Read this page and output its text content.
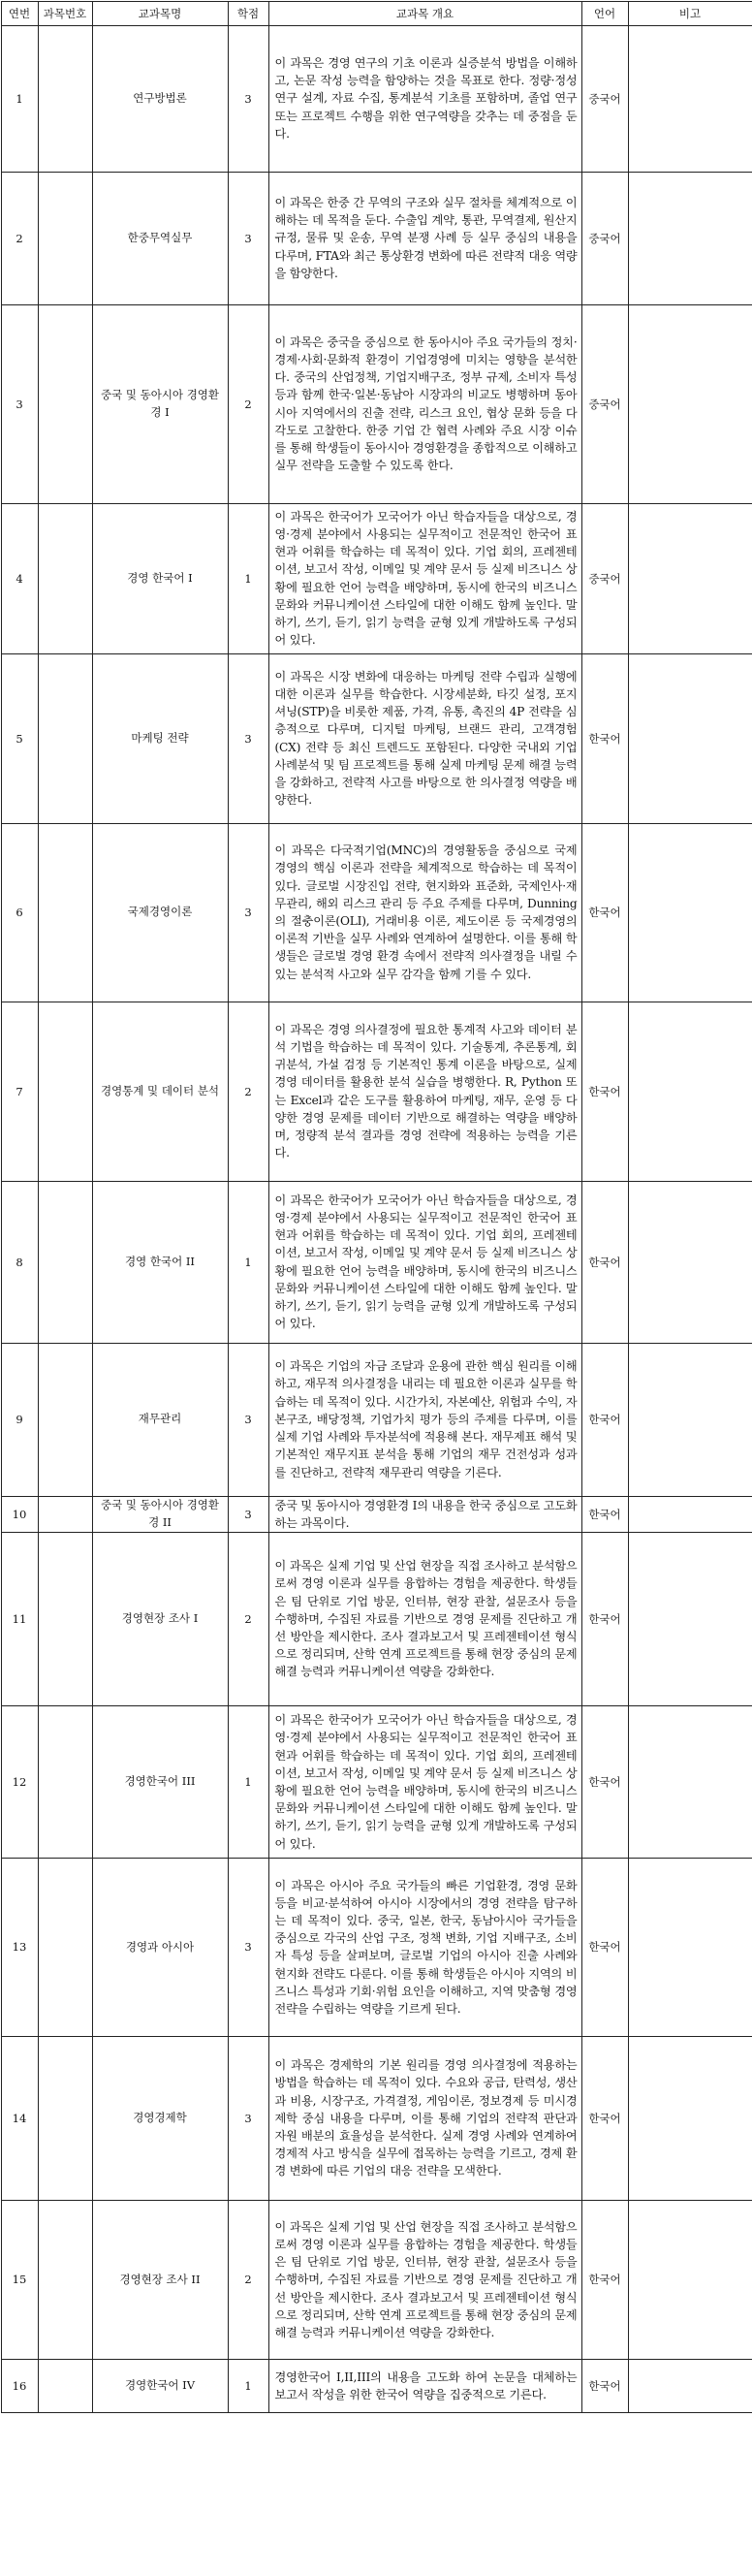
연번	과목번호	교과목명	학점	교과목 개요	언어	비고
1		연구방법론	3	이 과목은 경영 연구의 기초 이론과 실증분석 방법을 이해하고, 논문 작성 능력을 함양하는 것을 목표로 한다. 정량·정성 연구 설계, 자료 수집, 통계분석 기초를 포함하며, 졸업 연구 또는 프로젝트 수행을 위한 연구역량을 갖추는 데 중점을 둔다.	중국어	
2		한중무역실무	3	이 과목은 한중 간 무역의 구조와 실무 절차를 체계적으로 이해하는 데 목적을 둔다. 수출입 계약, 통관, 무역결제, 원산지 규정, 물류 및 운송, 무역 분쟁 사례 등 실무 중심의 내용을 다루며, FTA와 최근 통상환경 변화에 따른 전략적 대응 역량을 함양한다.	중국어	
3		중국 및 동아시아 경영환경 I	2	이 과목은 중국을 중심으로 한 동아시아 주요 국가들의 정치·경제·사회·문화적 환경이 기업경영에 미치는 영향을 분석한다. 중국의 산업정책, 기업지배구조, 정부 규제, 소비자 특성 등과 함께 한국·일본·동남아 시장과의 비교도 병행하며 동아시아 지역에서의 진출 전략, 리스크 요인, 협상 문화 등을 다각도로 고찰한다. 한중 기업 간 협력 사례와 주요 시장 이슈를 통해 학생들이 동아시아 경영환경을 종합적으로 이해하고 실무 전략을 도출할 수 있도록 한다.	중국어	
4		경영 한국어 I	1	이 과목은 한국어가 모국어가 아닌 학습자들을 대상으로, 경영·경제 분야에서 사용되는 실무적이고 전문적인 한국어 표현과 어휘를 학습하는 데 목적이 있다. 기업 회의, 프레젠테이션, 보고서 작성, 이메일 및 계약 문서 등 실제 비즈니스 상황에 필요한 언어 능력을 배양하며, 동시에 한국의 비즈니스 문화와 커뮤니케이션 스타일에 대한 이해도 함께 높인다. 말하기, 쓰기, 듣기, 읽기 능력을 균형 있게 개발하도록 구성되어 있다.	중국어	
5		마케팅 전략	3	이 과목은 시장 변화에 대응하는 마케팅 전략 수립과 실행에 대한 이론과 실무를 학습한다. 시장세분화, 타깃 설정, 포지셔닝(STP)을 비롯한 제품, 가격, 유통, 촉진의 4P 전략을 심층적으로 다루며, 디지털 마케팅, 브랜드 관리, 고객경험(CX) 전략 등 최신 트렌드도 포함된다. 다양한 국내외 기업 사례분석 및 팀 프로젝트를 통해 실제 마케팅 문제 해결 능력을 강화하고, 전략적 사고를 바탕으로 한 의사결정 역량을 배양한다.	한국어	
6		국제경영이론	3	이 과목은 다국적기업(MNC)의 경영활동을 중심으로 국제경영의 핵심 이론과 전략을 체계적으로 학습하는 데 목적이 있다. 글로벌 시장진입 전략, 현지화와 표준화, 국제인사·재무관리, 해외 리스크 관리 등 주요 주제를 다루며, Dunning의 절충이론(OLI), 거래비용 이론, 제도이론 등 국제경영의 이론적 기반을 실무 사례와 연계하여 설명한다. 이를 통해 학생들은 글로벌 경영 환경 속에서 전략적 의사결정을 내릴 수 있는 분석적 사고와 실무 감각을 함께 기를 수 있다.	한국어	
7		경영통계 및 데이터 분석	2	이 과목은 경영 의사결정에 필요한 통계적 사고와 데이터 분석 기법을 학습하는 데 목적이 있다. 기술통계, 추론통계, 회귀분석, 가설 검정 등 기본적인 통계 이론을 바탕으로, 실제 경영 데이터를 활용한 분석 실습을 병행한다. R, Python 또는 Excel과 같은 도구를 활용하여 마케팅, 재무, 운영 등 다양한 경영 문제를 데이터 기반으로 해결하는 역량을 배양하며, 정량적 분석 결과를 경영 전략에 적용하는 능력을 기른다.	한국어	
8		경영 한국어 II	1	이 과목은 한국어가 모국어가 아닌 학습자들을 대상으로, 경영·경제 분야에서 사용되는 실무적이고 전문적인 한국어 표현과 어휘를 학습하는 데 목적이 있다. 기업 회의, 프레젠테이션, 보고서 작성, 이메일 및 계약 문서 등 실제 비즈니스 상황에 필요한 언어 능력을 배양하며, 동시에 한국의 비즈니스 문화와 커뮤니케이션 스타일에 대한 이해도 함께 높인다. 말하기, 쓰기, 듣기, 읽기 능력을 균형 있게 개발하도록 구성되어 있다.	한국어	
9		재무관리	3	이 과목은 기업의 자금 조달과 운용에 관한 핵심 원리를 이해하고, 재무적 의사결정을 내리는 데 필요한 이론과 실무를 학습하는 데 목적이 있다. 시간가치, 자본예산, 위험과 수익, 자본구조, 배당정책, 기업가치 평가 등의 주제를 다루며, 이를 실제 기업 사례와 투자분석에 적용해 본다. 재무제표 해석 및 기본적인 재무지표 분석을 통해 기업의 재무 건전성과 성과를 진단하고, 전략적 재무관리 역량을 기른다.	한국어	
10		중국 및 동아시아 경영환경 II	3	중국 및 동아시아 경영환경 I의 내용을 한국 중심으로 고도화하는 과목이다.	한국어	
11		경영현장 조사 I	2	이 과목은 실제 기업 및 산업 현장을 직접 조사하고 분석함으로써 경영 이론과 실무를 융합하는 경험을 제공한다. 학생들은 팀 단위로 기업 방문, 인터뷰, 현장 관찰, 설문조사 등을 수행하며, 수집된 자료를 기반으로 경영 문제를 진단하고 개선 방안을 제시한다. 조사 결과보고서 및 프레젠테이션 형식으로 정리되며, 산학 연계 프로젝트를 통해 현장 중심의 문제 해결 능력과 커뮤니케이션 역량을 강화한다.	한국어	
12		경영한국어 III	1	이 과목은 한국어가 모국어가 아닌 학습자들을 대상으로, 경영·경제 분야에서 사용되는 실무적이고 전문적인 한국어 표현과 어휘를 학습하는 데 목적이 있다. 기업 회의, 프레젠테이션, 보고서 작성, 이메일 및 계약 문서 등 실제 비즈니스 상황에 필요한 언어 능력을 배양하며, 동시에 한국의 비즈니스 문화와 커뮤니케이션 스타일에 대한 이해도 함께 높인다. 말하기, 쓰기, 듣기, 읽기 능력을 균형 있게 개발하도록 구성되어 있다.	한국어	
13		경영과 아시아	3	이 과목은 아시아 주요 국가들의 빠른 기업환경, 경영 문화 등을 비교·분석하여 아시아 시장에서의 경영 전략을 탐구하는 데 목적이 있다. 중국, 일본, 한국, 동남아시아 국가들을 중심으로 각국의 산업 구조, 정책 변화, 기업 지배구조, 소비자 특성 등을 살펴보며, 글로벌 기업의 아시아 진출 사례와 현지화 전략도 다룬다. 이를 통해 학생들은 아시아 지역의 비즈니스 특성과 기회·위험 요인을 이해하고, 지역 맞춤형 경영 전략을 수립하는 역량을 기르게 된다.	한국어	
14		경영경제학	3	이 과목은 경제학의 기본 원리를 경영 의사결정에 적용하는 방법을 학습하는 데 목적이 있다. 수요와 공급, 탄력성, 생산과 비용, 시장구조, 가격결정, 게임이론, 정보경제 등 미시경제학 중심 내용을 다루며, 이를 통해 기업의 전략적 판단과 자원 배분의 효율성을 분석한다. 실제 경영 사례와 연계하여 경제적 사고 방식을 실무에 접목하는 능력을 기르고, 경제 환경 변화에 따른 기업의 대응 전략을 모색한다.	한국어	
15		경영현장 조사 II	2	이 과목은 실제 기업 및 산업 현장을 직접 조사하고 분석함으로써 경영 이론과 실무를 융합하는 경험을 제공한다. 학생들은 팀 단위로 기업 방문, 인터뷰, 현장 관찰, 설문조사 등을 수행하며, 수집된 자료를 기반으로 경영 문제를 진단하고 개선 방안을 제시한다. 조사 결과보고서 및 프레젠테이션 형식으로 정리되며, 산학 연계 프로젝트를 통해 현장 중심의 문제 해결 능력과 커뮤니케이션 역량을 강화한다.	한국어	
16		경영한국어 IV	1	경영한국어 I,II,III의 내용을 고도화 하여 논문을 대체하는 보고서 작성을 위한 한국어 역량을 집중적으로 기른다.	한국어	
